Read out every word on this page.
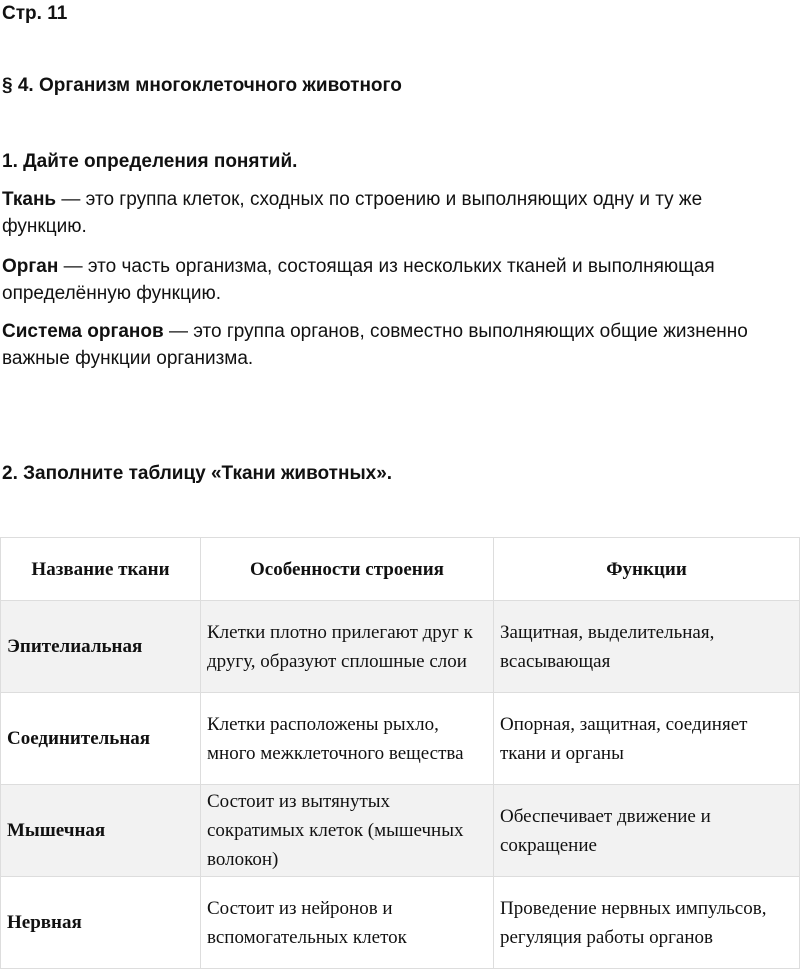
Стр. 11
§ 4. Организм многоклеточного животного
1. Дайте определения понятий.

Ткань — это группа клеток, сходных по строению и выполняющих одну и ту же функцию.

Орган — это часть организма, состоящая из нескольких тканей и выполняющая определённую функцию.

Система органов — это группа органов, совместно выполняющих общие жизненно важные функции организма.

2. Заполните таблицу «Ткани животных».
Название ткани	Особенности строения	Функции
Эпителиальная	Клетки плотно прилегают друг к другу, образуют сплошные слои	Защитная, выделительная, всасывающая
Соединительная	Клетки расположены рыхло, много межклеточного вещества	Опорная, защитная, соединяет ткани и органы
Мышечная	Состоит из вытянутых сократимых клеток (мышечных волокон)	Обеспечивает движение и сокращение
Нервная	Состоит из нейронов и вспомогательных клеток	Проведение нервных импульсов, регуляция работы органов
